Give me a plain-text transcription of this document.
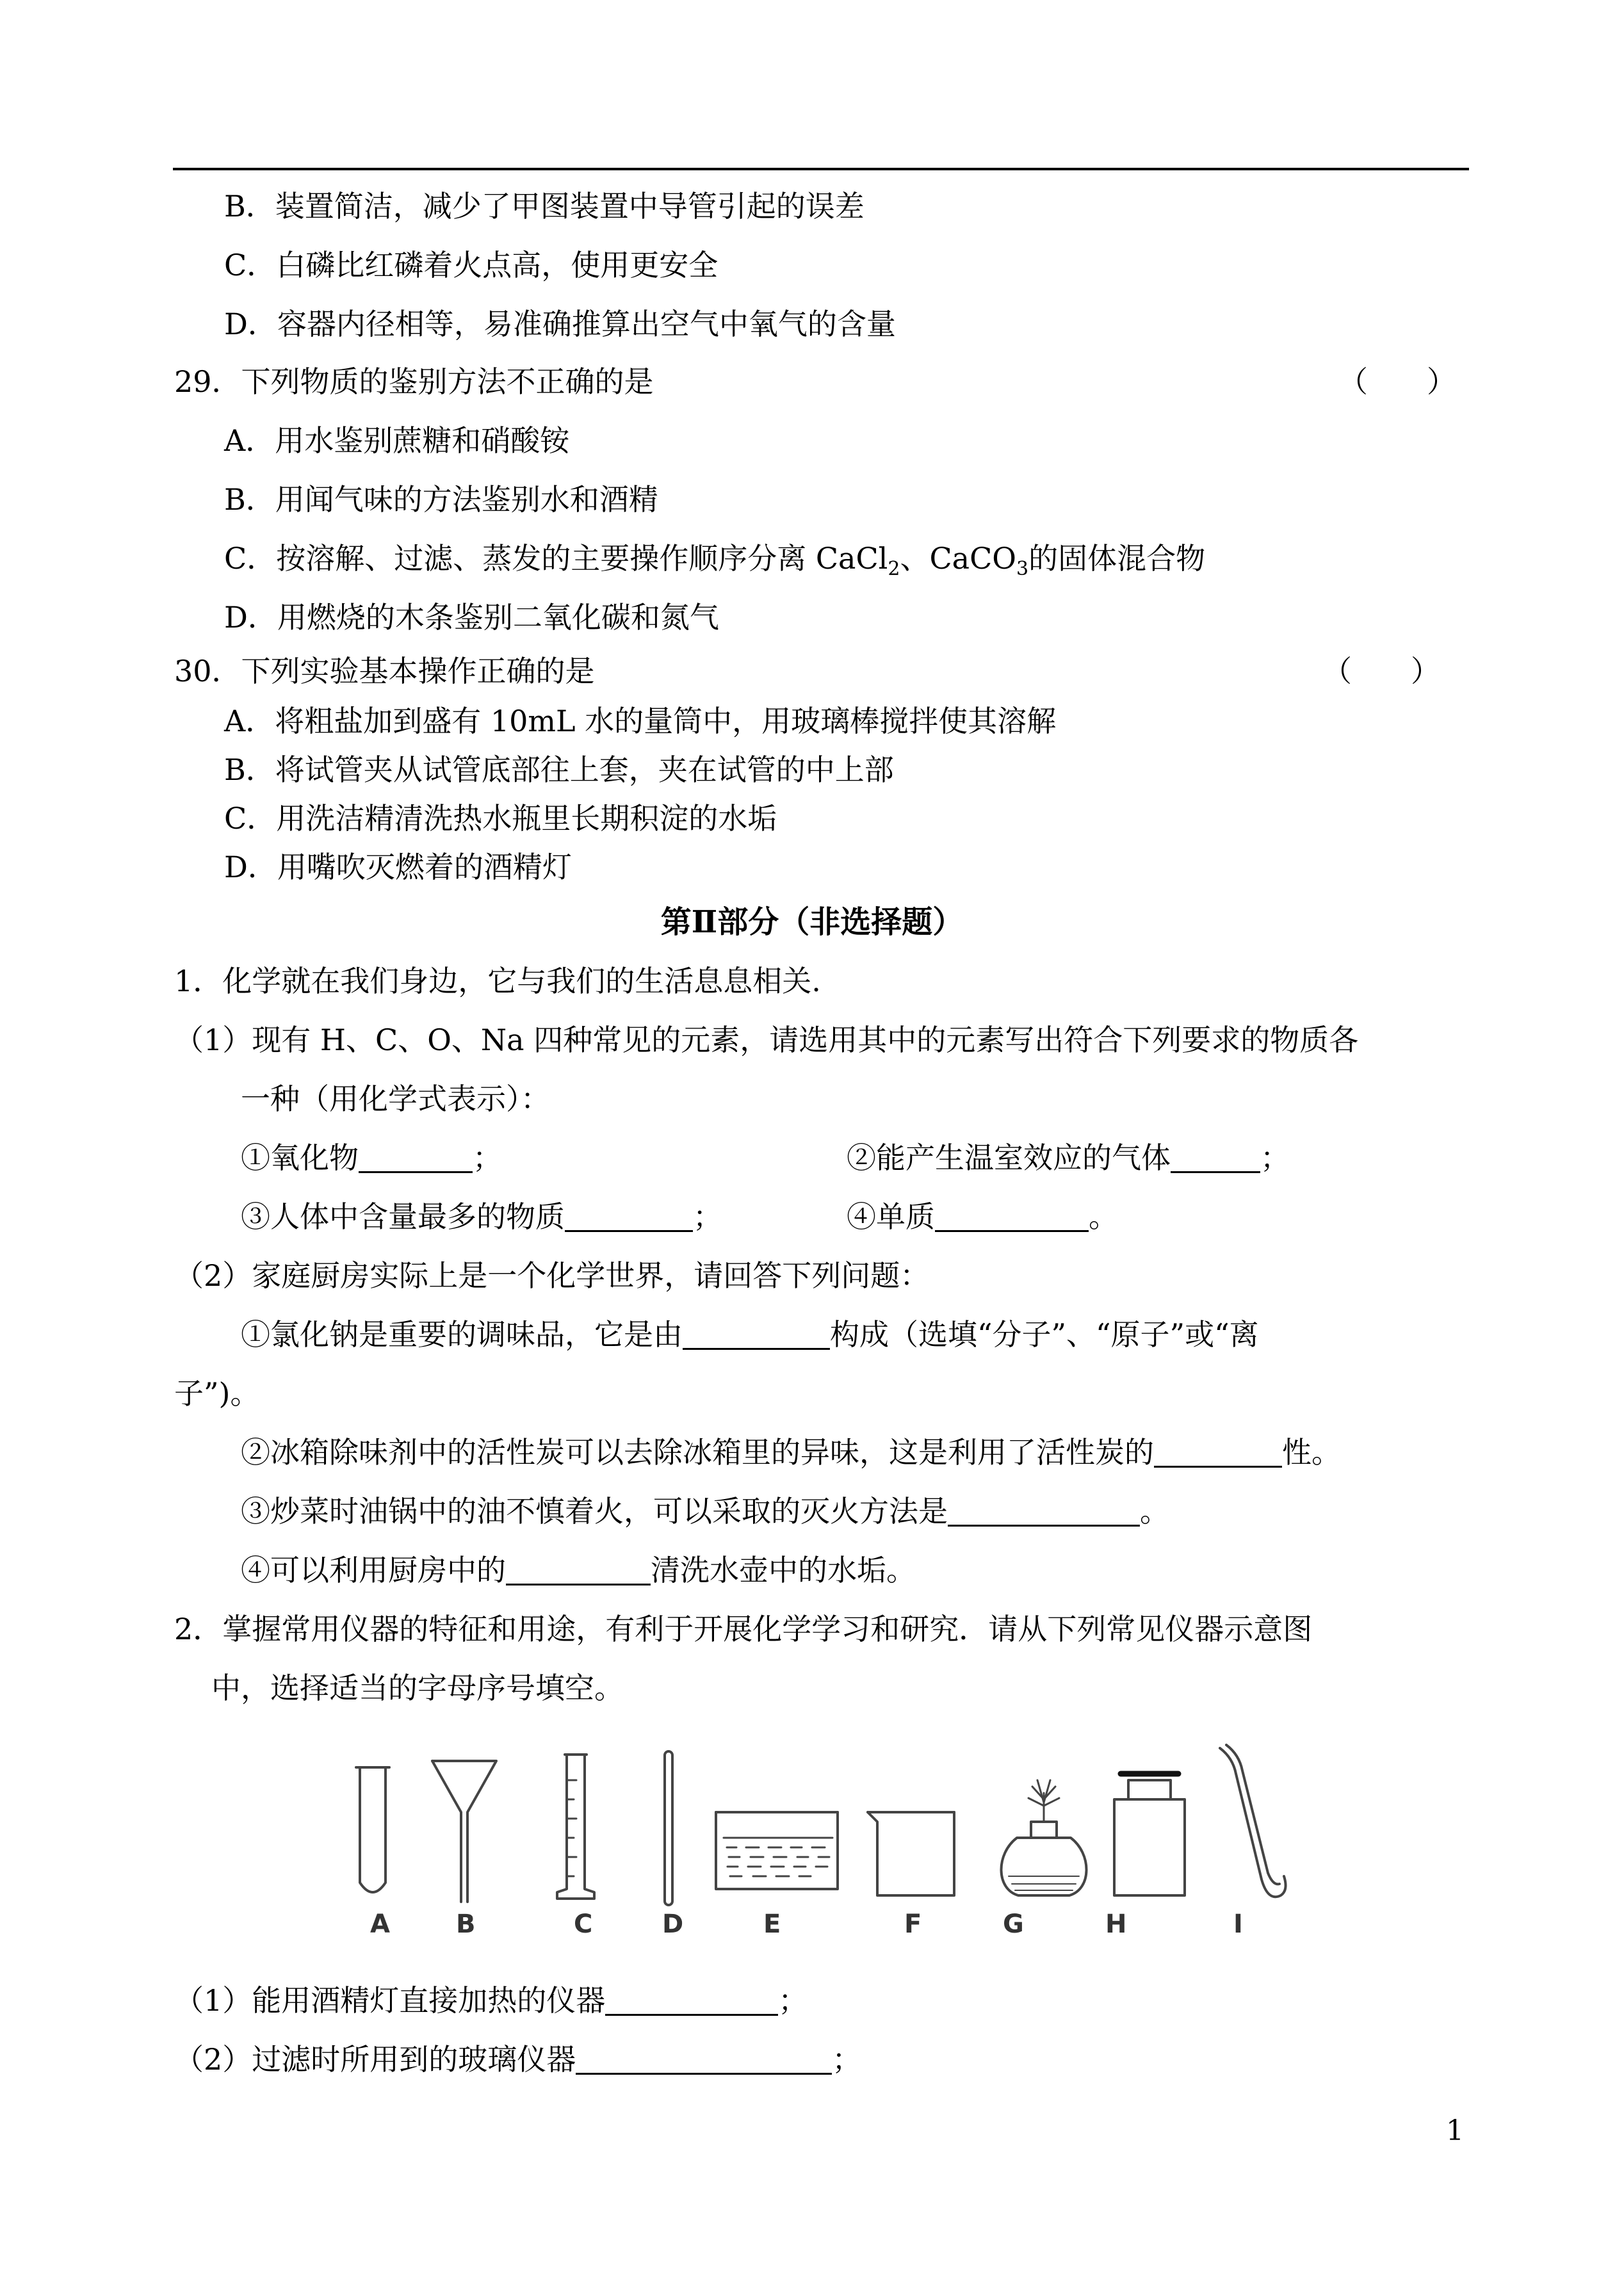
B．装置简洁，减少了甲图装置中导管引起的误差
C．白磷比红磷着火点高，使用更安全
D．容器内径相等，易准确推算出空气中氧气的含量
29．下列物质的鉴别方法不正确的是	（　　）
A．用水鉴别蔗糖和硝酸铵
B．用闻气味的方法鉴别水和酒精
C．按溶解、过滤、蒸发的主要操作顺序分离 CaCl$_2$、CaCO$_3$的固体混合物
D．用燃烧的木条鉴别二氧化碳和氮气
30．下列实验基本操作正确的是	（　　）
A．将粗盐加到盛有 10mL 水的量筒中，用玻璃棒搅拌使其溶解
B．将试管夹从试管底部往上套，夹在试管的中上部
C．用洗洁精清洗热水瓶里长期积淀的水垢
D．用嘴吹灭燃着的酒精灯
第Ⅱ部分（非选择题）
1．化学就在我们身边，它与我们的生活息息相关.
（1）现有 H、C、O、Na 四种常见的元素，请选用其中的元素写出符合下列要求的物质各
一种（用化学式表示）：
①氧化物	；	②能产生温室效应的气体	；
③人体中含量最多的物质	；	④单质	。
（2）家庭厨房实际上是一个化学世界，请回答下列问题：
①氯化钠是重要的调味品，它是由	构成（选填“分子”、“原子”或“离
子”)。
②冰箱除味剂中的活性炭可以去除冰箱里的异味，这是利用了活性炭的	性。
③炒菜时油锅中的油不慎着火，可以采取的灭火方法是	。
④可以利用厨房中的	清洗水壶中的水垢。
2．掌握常用仪器的特征和用途，有利于开展化学学习和研究．请从下列常见仪器示意图
中，选择适当的字母序号填空。
A	B	C	D	E	F	G	H	I
（1）能用酒精灯直接加热的仪器	；
（2）过滤时所用到的玻璃仪器	；
1
